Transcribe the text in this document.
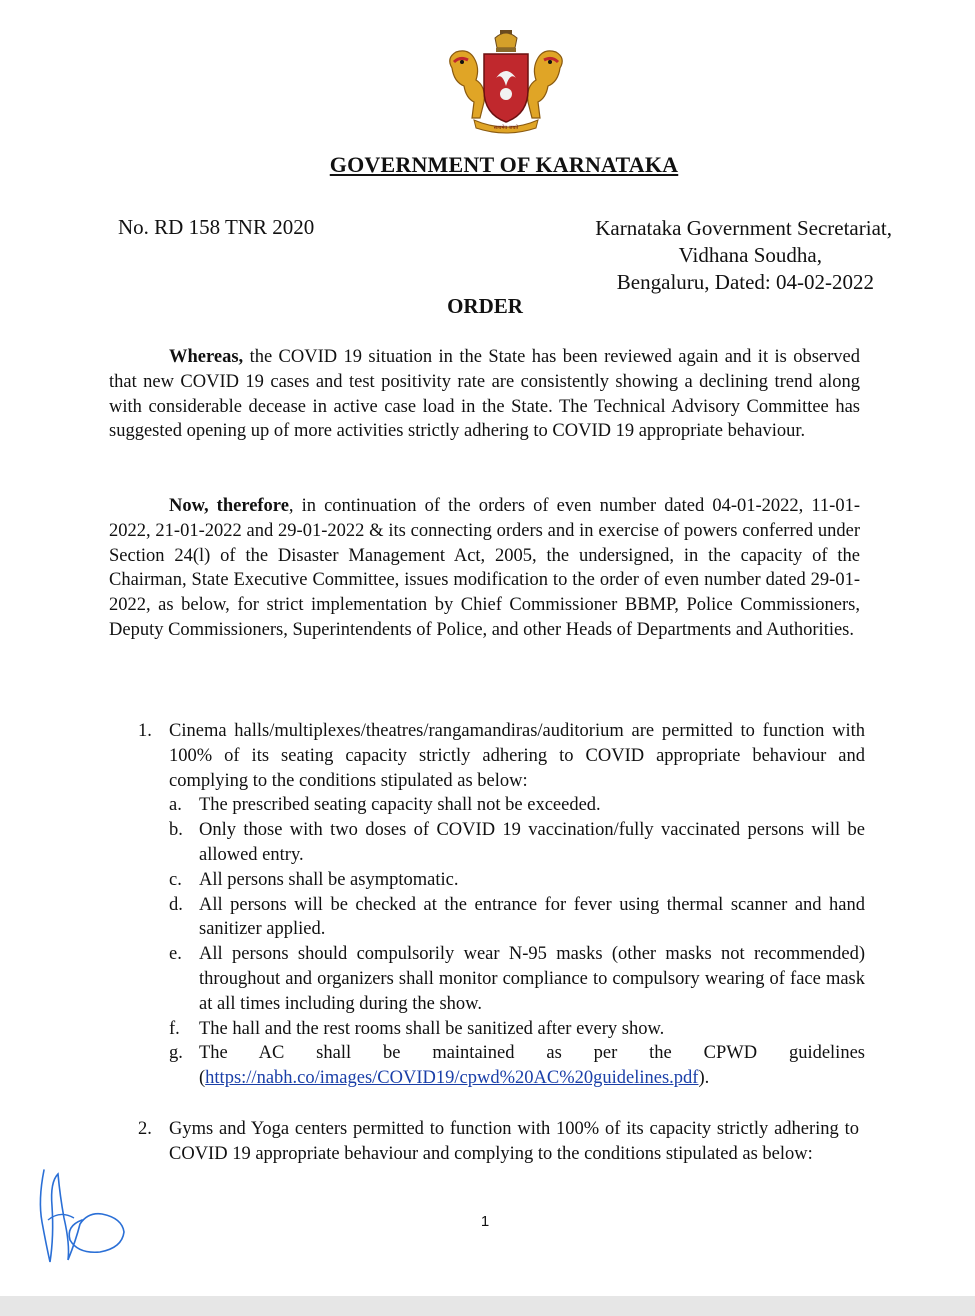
सत्यमेव जयते
GOVERNMENT OF KARNATAKA
No. RD 158 TNR 2020	Karnataka Government Secretariat,
Vidhana Soudha,
Bengaluru, Dated: 04-02-2022
ORDER

Whereas, the COVID 19 situation in the State has been reviewed again and it is observed that new COVID 19 cases and test positivity rate are consistently showing a declining trend along with considerable decease in active case load in the State. The Technical Advisory Committee has suggested opening up of more activities strictly adhering to COVID 19 appropriate behaviour.

Now, therefore, in continuation of the orders of even number dated 04-01-2022, 11-01-2022, 21-01-2022 and 29-01-2022 & its connecting orders and in exercise of powers conferred under Section 24(l) of the Disaster Management Act, 2005, the undersigned, in the capacity of the Chairman, State Executive Committee, issues modification to the order of even number dated 29-01-2022, as below, for strict implementation by Chief Commissioner BBMP, Police Commissioners, Deputy Commissioners, Superintendents of Police, and other Heads of Departments and Authorities.

1. Cinema halls/multiplexes/theatres/rangamandiras/auditorium are permitted to function with 100% of its seating capacity strictly adhering to COVID appropriate behaviour and complying to the conditions stipulated as below:
a. The prescribed seating capacity shall not be exceeded.
b. Only those with two doses of COVID 19 vaccination/fully vaccinated persons will be allowed entry.
c. All persons shall be asymptomatic.
d. All persons will be checked at the entrance for fever using thermal scanner and hand sanitizer applied.
e. All persons should compulsorily wear N-95 masks (other masks not recommended) throughout and organizers shall monitor compliance to compulsory wearing of face mask at all times including during the show.
f. The hall and the rest rooms shall be sanitized after every show.
g. The AC shall be maintained as per the CPWD guidelines (https://nabh.co/images/COVID19/cpwd%20AC%20guidelines.pdf).
2. Gyms and Yoga centers permitted to function with 100% of its capacity strictly adhering to COVID 19 appropriate behaviour and complying to the conditions stipulated as below:
1
